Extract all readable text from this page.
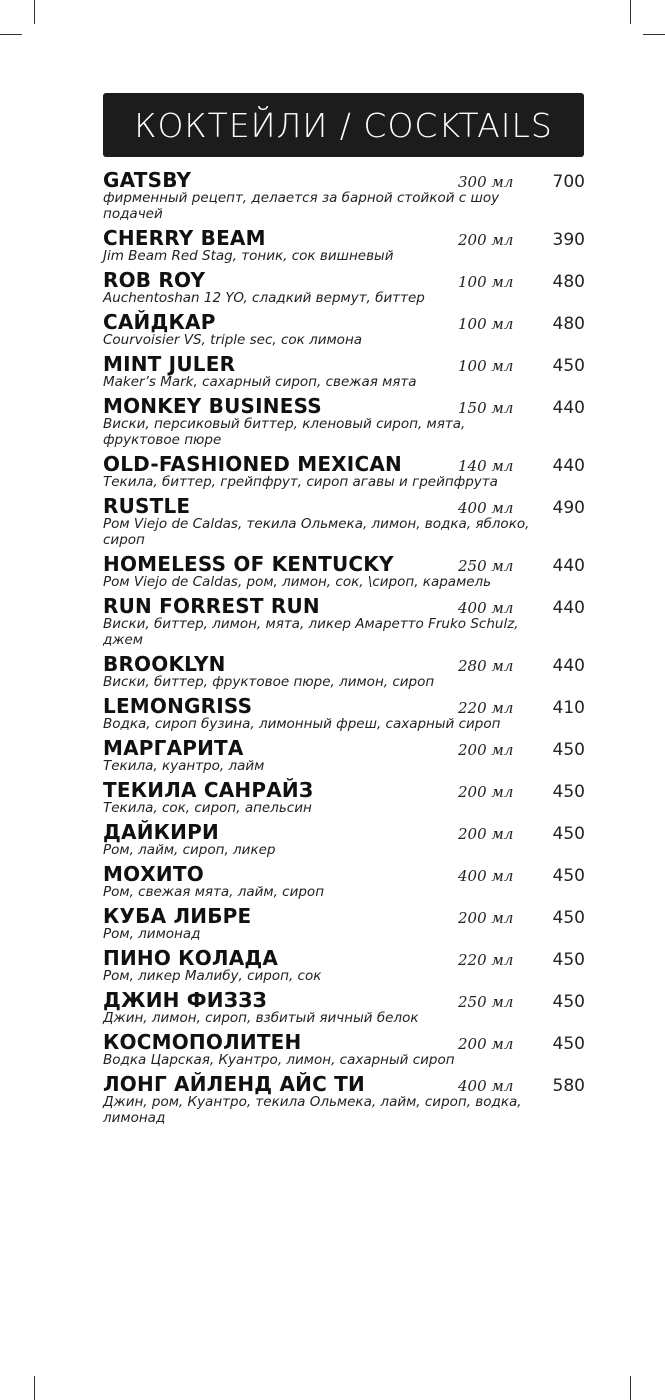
КОКТЕЙЛИ / COCKTAILS
GATSBY
фирменный рецепт, делается за барной стойкой с шоу подачей
300 мл	700
CHERRY BEAM
Jim Beam Red Stag, тоник, сок вишневый
200 мл	390
ROB ROY
Auchentoshan 12 YO, сладкий вермут, биттер
100 мл	480
САЙДКАР
Courvoisier VS, triple sec, сок лимона
100 мл	480
MINT JULER
Maker’s Mark, сахарный сироп, свежая мята
100 мл	450
MONKEY BUSINESS
Виски, персиковый биттер, кленовый сироп, мята, фруктовое пюре
150 мл	440
OLD-FASHIONED MEXICAN
Текила, биттер, грейпфрут, сироп агавы и грейпфрута
140 мл	440
RUSTLE
Ром Viejo de Caldas, текила Ольмека, лимон, водка, яблоко, сироп
400 мл	490
HOMELESS OF KENTUCKY
Ром Viejo de Caldas, ром, лимон, сок, \сироп, карамель
250 мл	440
RUN FORREST RUN
Виски, биттер, лимон, мята, ликер Амаретто Fruko Schulz, джем
400 мл	440
BROOKLYN
Виски, биттер, фруктовое пюре, лимон, сироп
280 мл	440
LEMONGRISS
Водка, сироп бузина, лимонный фреш, сахарный сироп
220 мл	410
МАРГАРИТА
Текила, куантро, лайм
200 мл	450
ТЕКИЛА САНРАЙЗ
Текила, сок, сироп, апельсин
200 мл	450
ДАЙКИРИ
Ром, лайм, сироп, ликер
200 мл	450
МОХИТО
Ром, свежая мята, лайм, сироп
400 мл	450
КУБА ЛИБРЕ
Ром, лимонад
200 мл	450
ПИНО КОЛАДА
Ром, ликер Малибу, сироп, сок
220 мл	450
ДЖИН ФИЗЗЗ
Джин, лимон, сироп, взбитый яичный белок
250 мл	450
КОСМОПОЛИТЕН
Водка Царская, Куантро, лимон, сахарный сироп
200 мл	450
ЛОНГ АЙЛЕНД АЙС ТИ
Джин, ром, Куантро, текила Ольмека, лайм, сироп, водка, лимонад
400 мл	580
